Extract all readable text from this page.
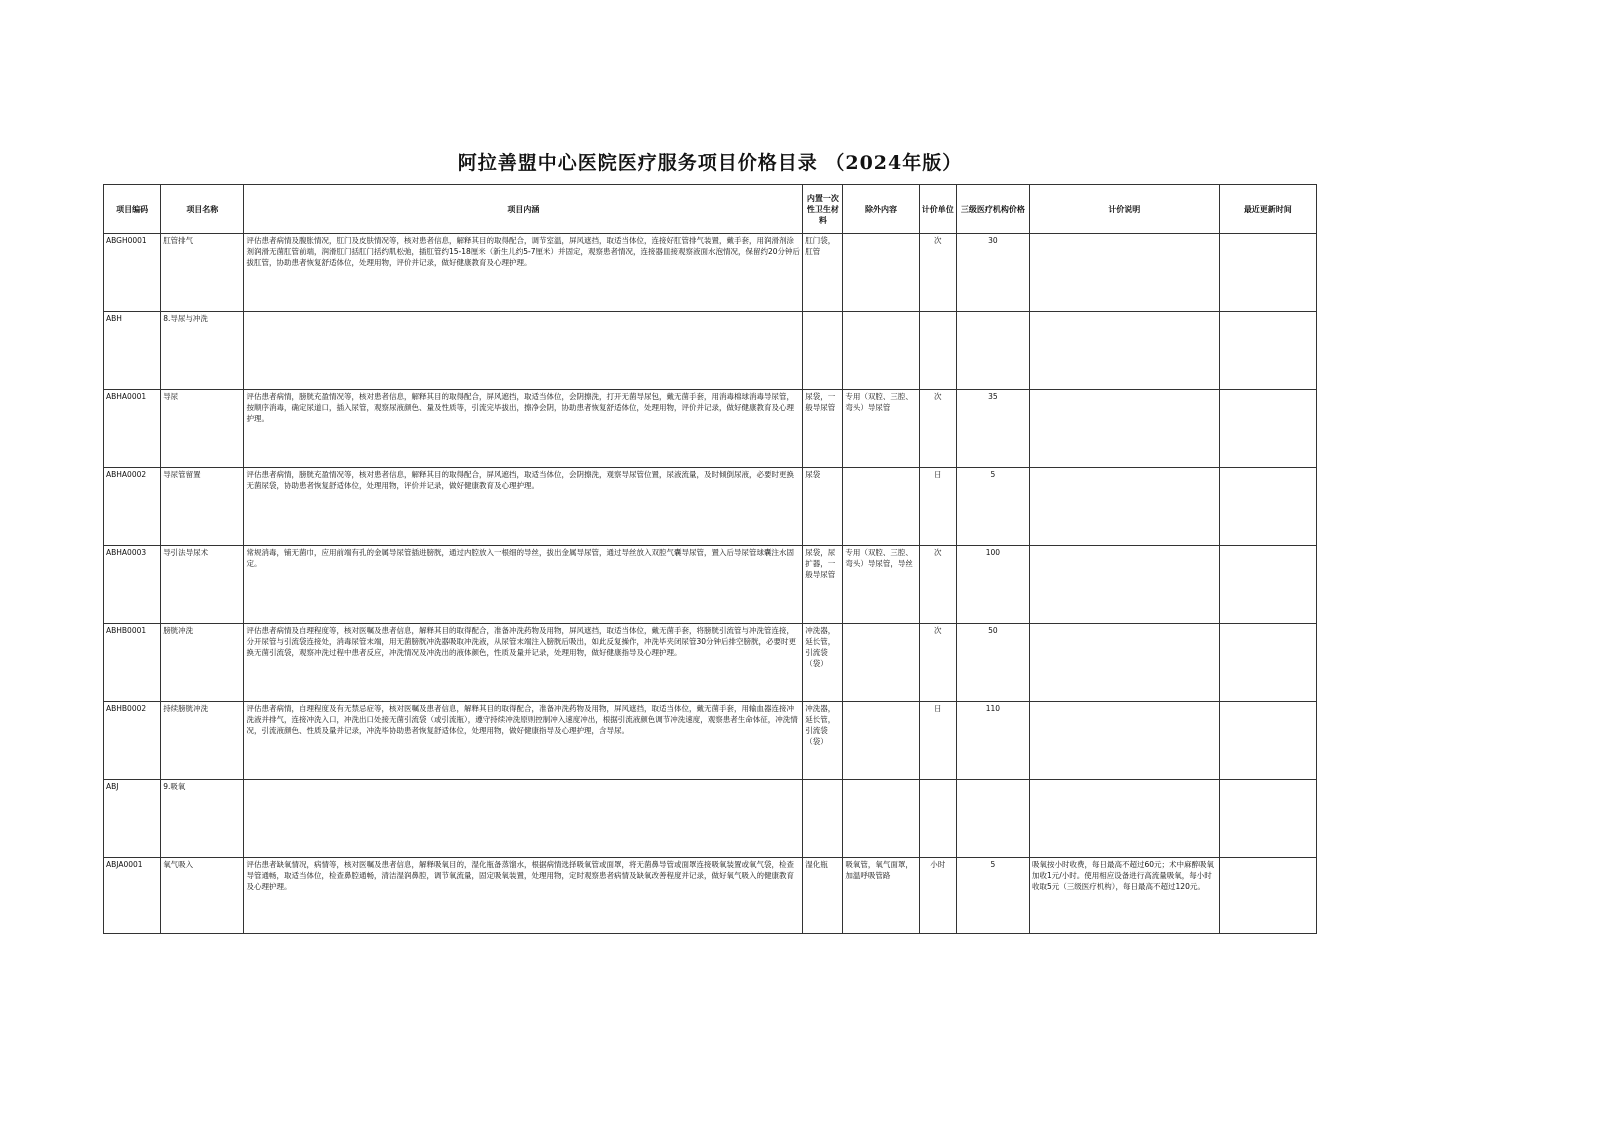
阿拉善盟中心医院医疗服务项目价格目录 （2024年版）
项目编码	项目名称	项目内涵	内置一次性卫生材料	除外内容	计价单位	三级医疗机构价格	计价说明	最近更新时间
ABGH0001	肛管排气	评估患者病情及腹胀情况，肛门及皮肤情况等，核对患者信息，解释其目的取得配合，调节室温，屏风遮挡，取适当体位，连接好肛管排气装置，戴手套，用润滑剂涂剂润滑无菌肛管前端，润滑肛门括肛门括约肌松弛，插肛管约15-18厘米（新生儿约5-7厘米）并固定，观察患者情况，连接器皿接观察液面水泡情况，保留约20分钟后拔肛管，协助患者恢复舒适体位，处理用物，评价并记录，做好健康教育及心理护理。	肛门袋，肛管		次	30		
ABH	8.导尿与冲洗							
ABHA0001	导尿	评估患者病情，膀胱充盈情况等，核对患者信息，解释其目的取得配合，屏风遮挡，取适当体位，会阴擦洗，打开无菌导尿包，戴无菌手套，用消毒棉球消毒导尿管，按顺序消毒，确定尿道口，插入尿管，观察尿液颜色、量及性质等，引流完毕拔出，擦净会阴，协助患者恢复舒适体位，处理用物，评价并记录，做好健康教育及心理护理。	尿袋，一般导尿管	专用（双腔、三腔、弯头）导尿管	次	35		
ABHA0002	导尿管留置	评估患者病情，膀胱充盈情况等，核对患者信息，解释其目的取得配合，屏风遮挡，取适当体位，会阴擦洗，观察导尿管位置，尿液流量，及时倾倒尿液，必要时更换无菌尿袋，协助患者恢复舒适体位，处理用物，评价并记录，做好健康教育及心理护理。	尿袋		日	5		
ABHA0003	导引法导尿术	常规消毒，铺无菌巾，应用前端有孔的金属导尿管插进膀胱，通过内腔放入一根细的导丝，拔出金属导尿管，通过导丝放入双腔气囊导尿管，置入后导尿管球囊注水固定。	尿袋，尿扩器，一般导尿管	专用（双腔、三腔、弯头）导尿管，导丝	次	100		
ABHB0001	膀胱冲洗	评估患者病情及自理程度等，核对医嘱及患者信息，解释其目的取得配合，准备冲洗药物及用物，屏风遮挡，取适当体位，戴无菌手套，将膀胱引流管与冲洗管连接，分开尿管与引流袋连接处，消毒尿管末端，用无菌膀胱冲洗器吸取冲洗液，从尿管末端注入膀胱后吸出，如此反复操作，冲洗毕夹闭尿管30分钟后排空膀胱，必要时更换无菌引流袋，观察冲洗过程中患者反应，冲洗情况及冲洗出的液体颜色，性质及量并记录，处理用物，做好健康指导及心理护理。	冲洗器，延长管，引流袋（袋）		次	50		
ABHB0002	持续膀胱冲洗	评估患者病情，自理程度及有无禁忌症等，核对医嘱及患者信息，解释其目的取得配合，准备冲洗药物及用物，屏风遮挡，取适当体位，戴无菌手套，用输血器连接冲洗液并排气，连接冲洗入口，冲洗出口处接无菌引流袋（或引流瓶），遵守持续冲洗原则控制冲入速度冲出，根据引流液颜色调节冲洗速度，观察患者生命体征，冲洗情况，引流液颜色、性质及量并记录，冲洗毕协助患者恢复舒适体位，处理用物，做好健康指导及心理护理，含导尿。	冲洗器，延长管，引流袋（袋）		日	110		
ABJ	9.吸氧							
ABJA0001	氧气吸入	评估患者缺氧情况，病情等，核对医嘱及患者信息，解释吸氧目的，湿化瓶备蒸馏水，根据病情选择吸氧管或面罩，将无菌鼻导管或面罩连接吸氧装置或氧气袋，检查导管通畅，取适当体位，检查鼻腔通畅，清洁湿润鼻腔，调节氧流量，固定吸氧装置，处理用物，定时观察患者病情及缺氧改善程度并记录，做好氧气吸入的健康教育及心理护理。	湿化瓶	吸氧管，氧气面罩，加温呼吸管路	小时	5	吸氧按小时收费，每日最高不超过60元；术中麻醉吸氧加收1元/小时。使用相应设备进行高流量吸氧，每小时收取5元（三级医疗机构），每日最高不超过120元。	
